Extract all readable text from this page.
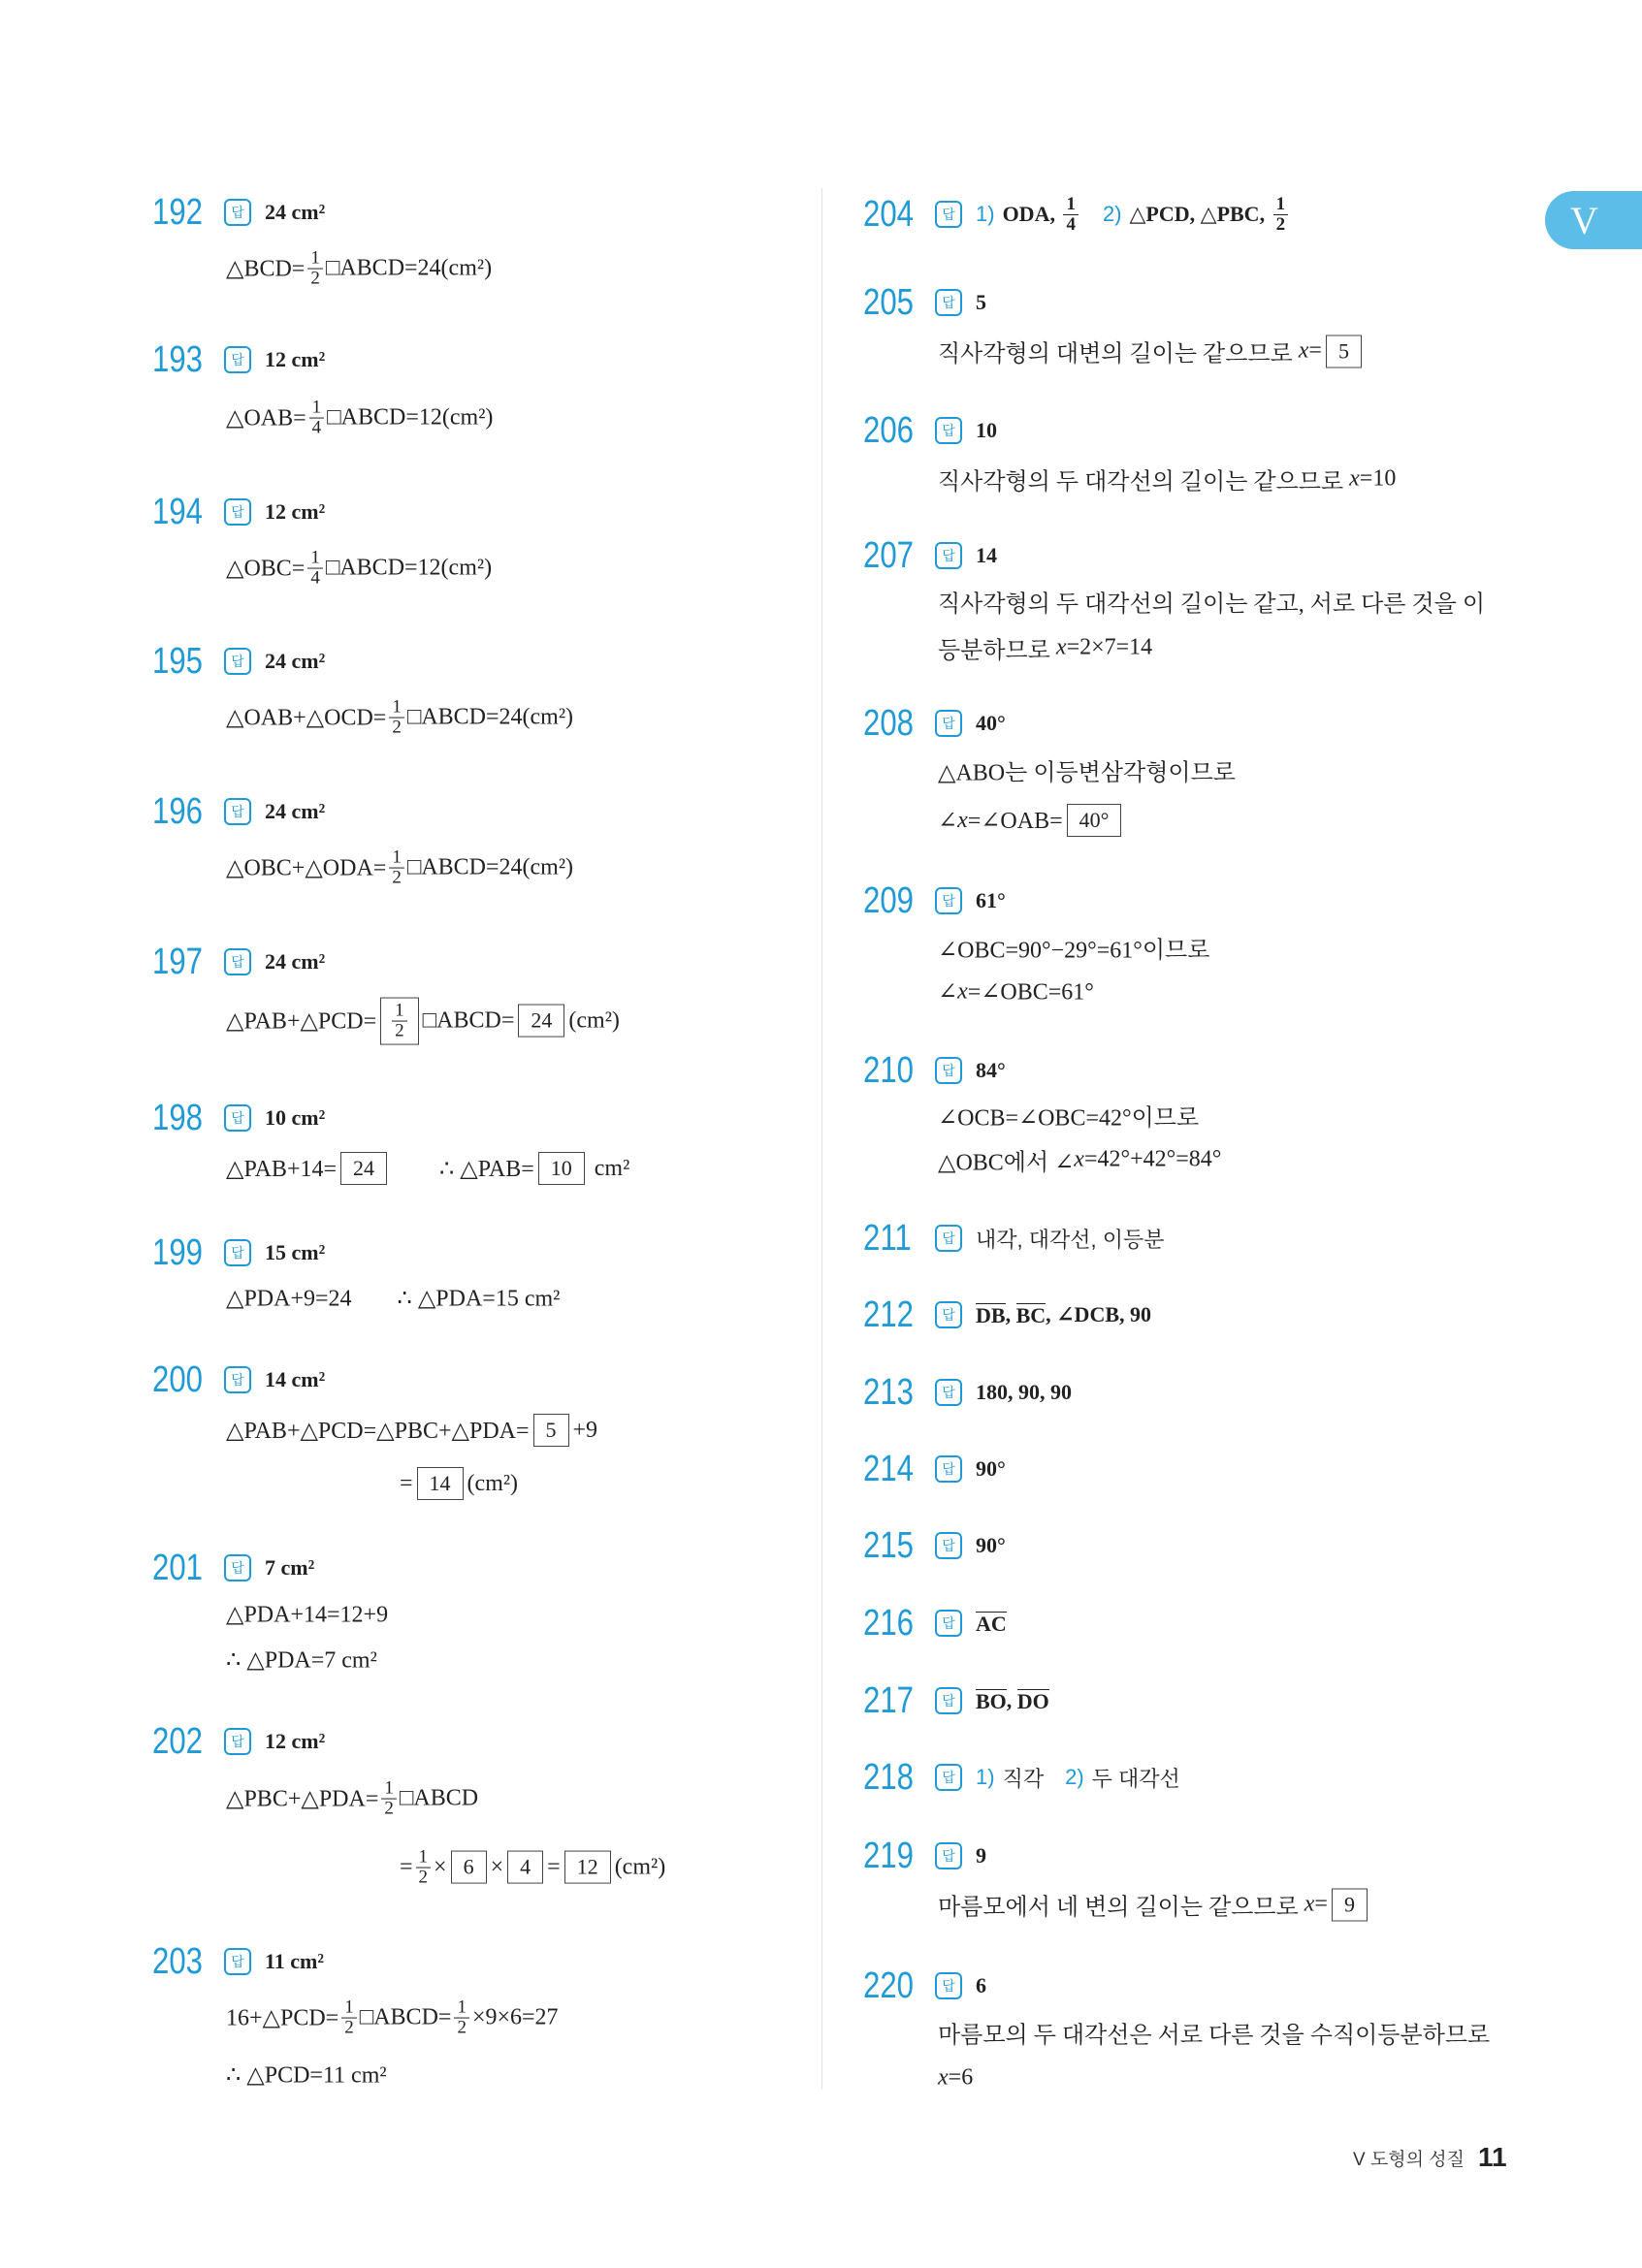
V
V 도형의 성질 11
192	답 24 cm²
△BCD= $\frac{1}{2}$ □ABCD=24(cm²)
193	답 12 cm²
△OAB= $\frac{1}{4}$ □ABCD=12(cm²)
194	답 12 cm²
△OBC= $\frac{1}{4}$ □ABCD=12(cm²)
195	답 24 cm²
△OAB+△OCD= $\frac{1}{2}$ □ABCD=24(cm²)
196	답 24 cm²
△OBC+△ODA= $\frac{1}{2}$ □ABCD=24(cm²)
197	답 24 cm²
△PAB+△PCD= $\frac{1}{2}$ □ABCD= 24 (cm²)
198	답 10 cm²
△PAB+14= 24	∴ △PAB= 10 cm²
199	답 15 cm²
△PDA+9=24 ∴ △PDA=15 cm²
200	답 14 cm²
△PAB+△PCD=△PBC+△PDA= 5 +9
= 14 (cm²)
201	답 7 cm²
△PDA+14=12+9
∴ △PDA=7 cm²
202	답 12 cm²
△PBC+△PDA= $\frac{1}{2}$ □ABCD
= $\frac{1}{2} \times 6 \times 4 = 12$ (cm²)
203	답 11 cm²
16+△PCD= $\frac{1}{2}$ □ABCD= $\frac{1}{2} \times 9\times 6=27$
∴ △PCD=11 cm²
204	답 1) ODA, $\frac{1}{4} 2$) △PCD, △PBC, $\frac{1}{2}$
205	답 5
직사각형의 대변의 길이는 같으므로 x = 5
206	답 10
직사각형의 두 대각선의 길이는 같으므로 x =10
207	답 14
직사각형의 두 대각선의 길이는 같고, 서로 다른 것을 이
등분하므로 x =2×7=14
208	답 40°
△ABO는 이등변삼각형이므로
∠ x =∠OAB= 40°
209	답 61°
∠OBC=90°−29°=61°이므로
∠ x =∠OBC=61°
210	답 84°
∠OCB=∠OBC=42°이므로
△OBC에서 ∠ x =42°+42°=84°
211	답 내각, 대각선, 이등분
212	답 DB , BC , ∠DCB, 90
213	답 180, 90, 90
214	답 90°
215	답 90°
216	답 AC
217	답 BO , DO
218	답 1) 직각 2) 두 대각선
219	답 9
마름모에서 네 변의 길이는 같으므로 x = 9
220	답 6
마름모의 두 대각선은 서로 다른 것을 수직이등분하므로
x =6
